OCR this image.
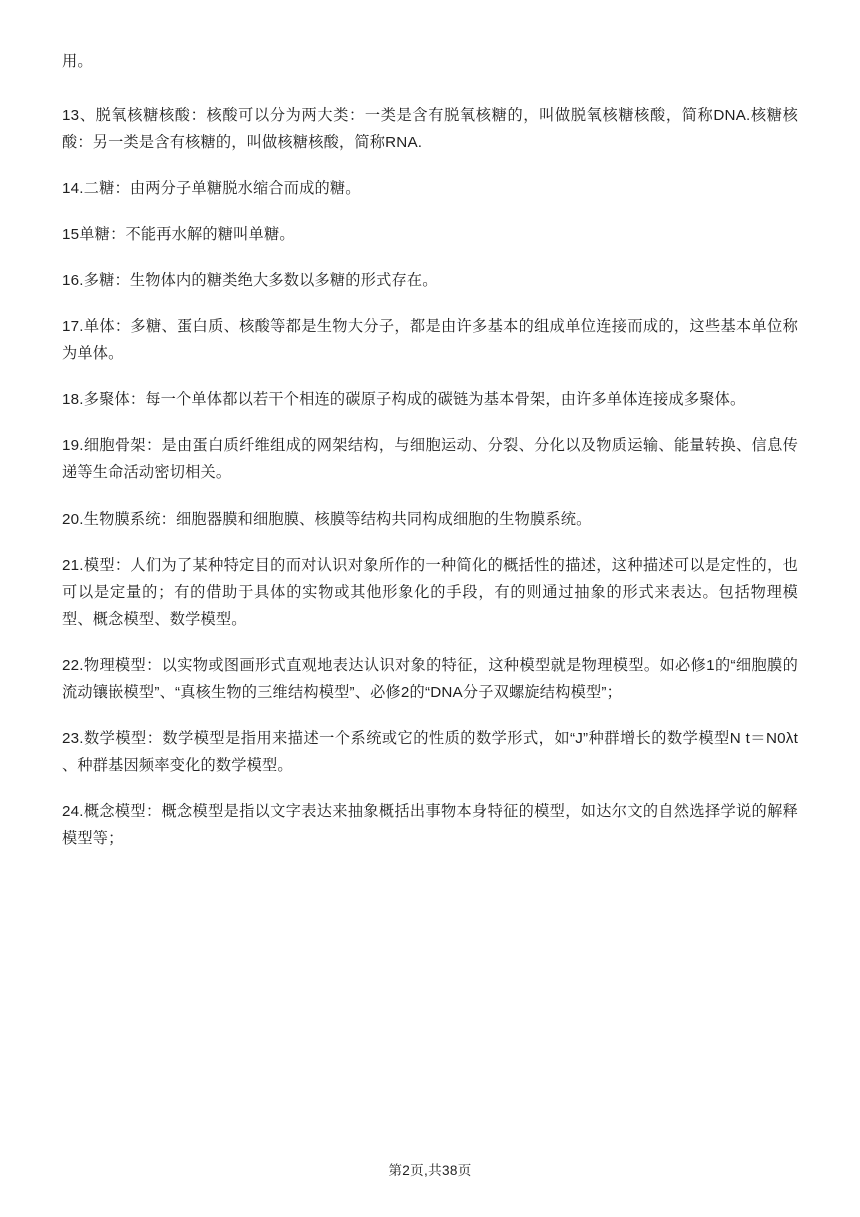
用。

13、脱氧核糖核酸：核酸可以分为两大类：一类是含有脱氧核糖的，叫做脱氧核糖核酸，简称DNA.核糖核酸：另一类是含有核糖的，叫做核糖核酸，简称RNA.

14.二糖：由两分子单糖脱水缩合而成的糖。

15单糖：不能再水解的糖叫单糖。

16.多糖：生物体内的糖类绝大多数以多糖的形式存在。

17.单体：多糖、蛋白质、核酸等都是生物大分子，都是由许多基本的组成单位连接而成的，这些基本单位称为单体。

18.多聚体：每一个单体都以若干个相连的碳原子构成的碳链为基本骨架，由许多单体连接成多聚体。

19.细胞骨架：是由蛋白质纤维组成的网架结构，与细胞运动、分裂、分化以及物质运输、能量转换、信息传递等生命活动密切相关。

20.生物膜系统：细胞器膜和细胞膜、核膜等结构共同构成细胞的生物膜系统。

21.模型：人们为了某种特定目的而对认识对象所作的一种简化的概括性的描述，这种描述可以是定性的，也可以是定量的；有的借助于具体的实物或其他形象化的手段，有的则通过抽象的形式来表达。包括物理模型、概念模型、数学模型。

22.物理模型：以实物或图画形式直观地表达认识对象的特征，这种模型就是物理模型。如必修1的“细胞膜的流动镶嵌模型”、“真核生物的三维结构模型”、必修2的“DNA分子双螺旋结构模型”；

23.数学模型：数学模型是指用来描述一个系统或它的性质的数学形式，如“J”种群增长的数学模型N t＝N0λt 、种群基因频率变化的数学模型。

24.概念模型：概念模型是指以文字表达来抽象概括出事物本身特征的模型，如达尔文的自然选择学说的解释模型等；

第2页,共38页
